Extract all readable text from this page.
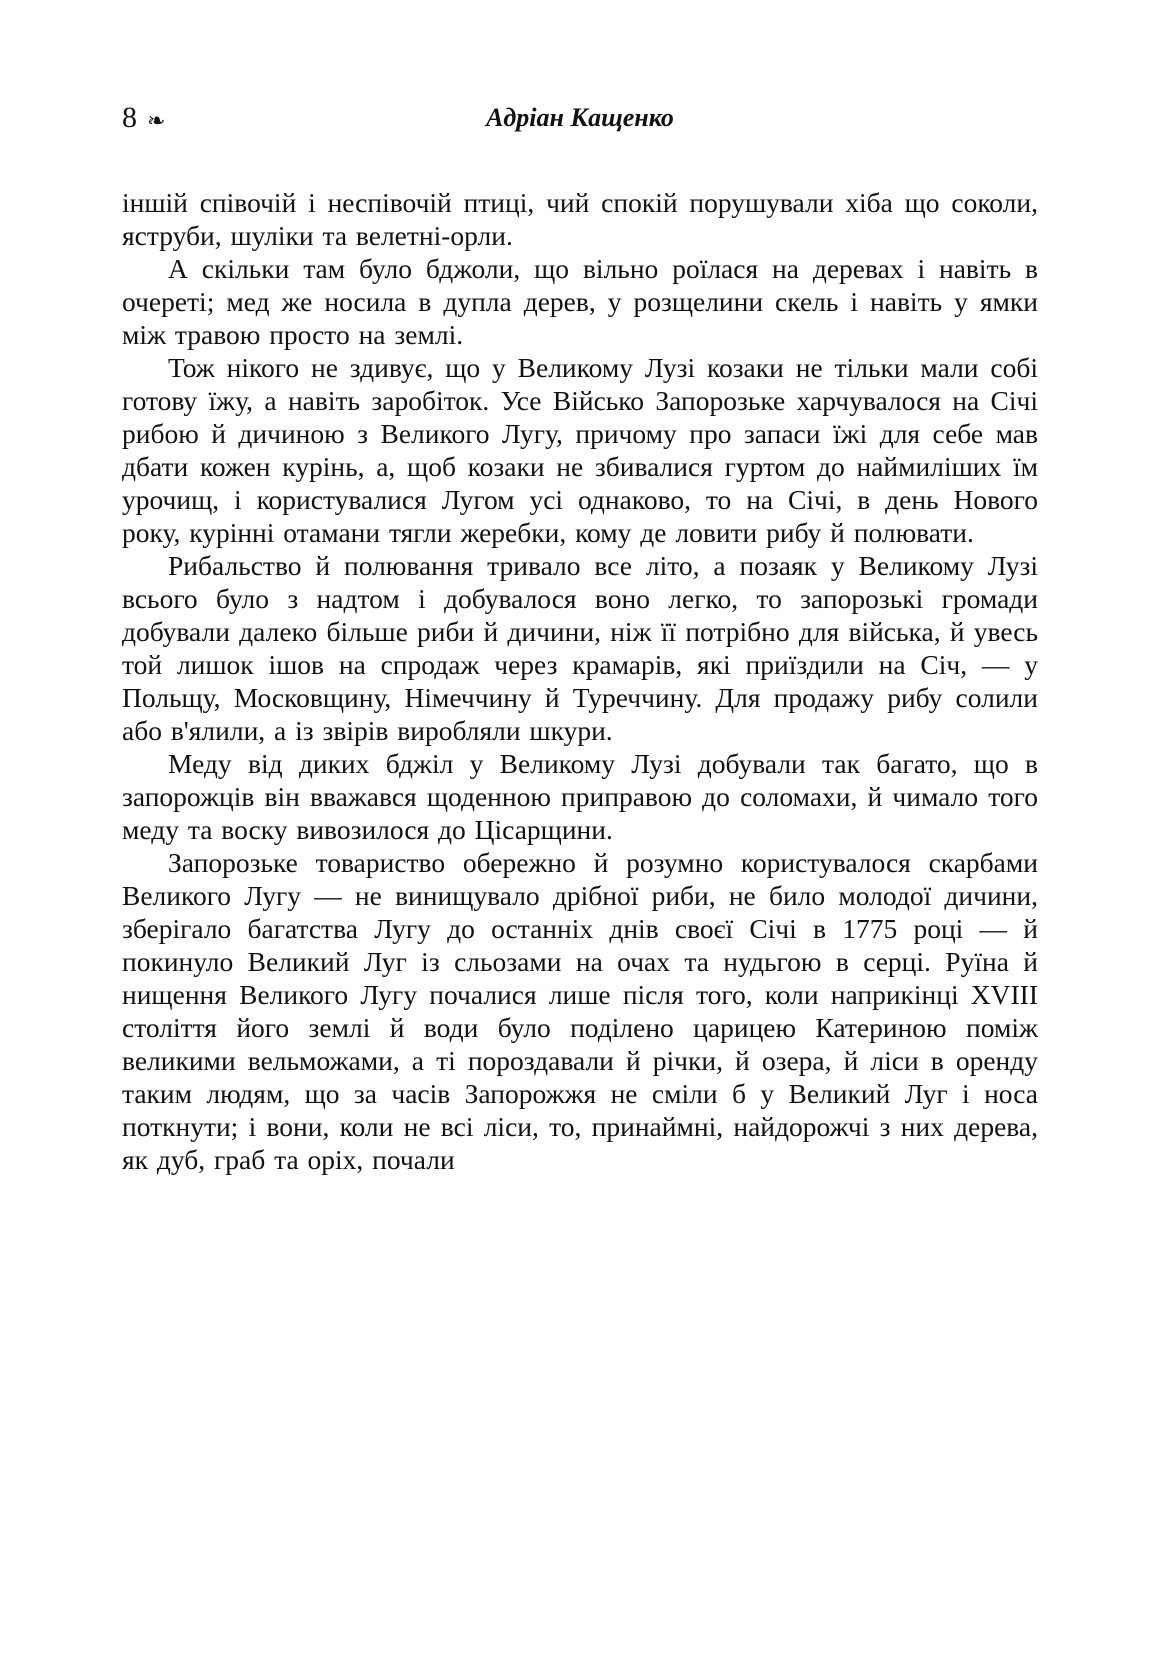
8 ❧	Адріан Кащенко

іншій співочій і неспівочій птиці, чий спокій порушували хіба що соколи, яструби, шуліки та велетні-орли.

А скільки там було бджоли, що вільно роїлася на деревах і навіть в очереті; мед же носила в дупла дерев, у розщелини скель і навіть у ямки між травою просто на землі.

Тож нікого не здивує, що у Великому Лузі козаки не тільки мали собі готову їжу, а навіть заробіток. Усе Військо Запорозьке харчувалося на Січі рибою й дичиною з Великого Лугу, причому про запаси їжі для себе мав дбати кожен курінь, а, щоб козаки не збивалися гуртом до наймиліших їм урочищ, і користувалися Лугом усі однаково, то на Січі, в день Нового року, курінні отамани тягли жеребки, кому де ловити рибу й полювати.

Рибальство й полювання тривало все літо, а позаяк у Великому Лузі всього було з надтом і добувалося воно легко, то запорозькі громади добували далеко більше риби й дичини, ніж її потрібно для війська, й увесь той лишок ішов на спродаж через крамарів, які приїздили на Січ, — у Польщу, Московщину, Німеччину й Туреччину. Для продажу рибу солили або в'ялили, а із звірів виробляли шкури.

Меду від диких бджіл у Великому Лузі добували так багато, що в запорожців він вважався щоденною приправою до соломахи, й чимало того меду та воску вивозилося до Цісарщини.

Запорозьке товариство обережно й розумно користувалося скарбами Великого Лугу — не винищувало дрібної риби, не било молодої дичини, зберігало багатства Лугу до останніх днів своєї Січі в 1775 році — й покинуло Великий Луг із сльозами на очах та нудьгою в серці. Руїна й нищення Великого Лугу почалися лише після того, коли наприкінці XVIII століття його землі й води було поділено царицею Катериною поміж великими вельможами, а ті пороздавали й річки, й озера, й ліси в оренду таким людям, що за часів Запорожжя не сміли б у Великий Луг і носа поткнути; і вони, коли не всі ліси, то, принаймні, найдорожчі з них дерева, як дуб, граб та оріх, почали
